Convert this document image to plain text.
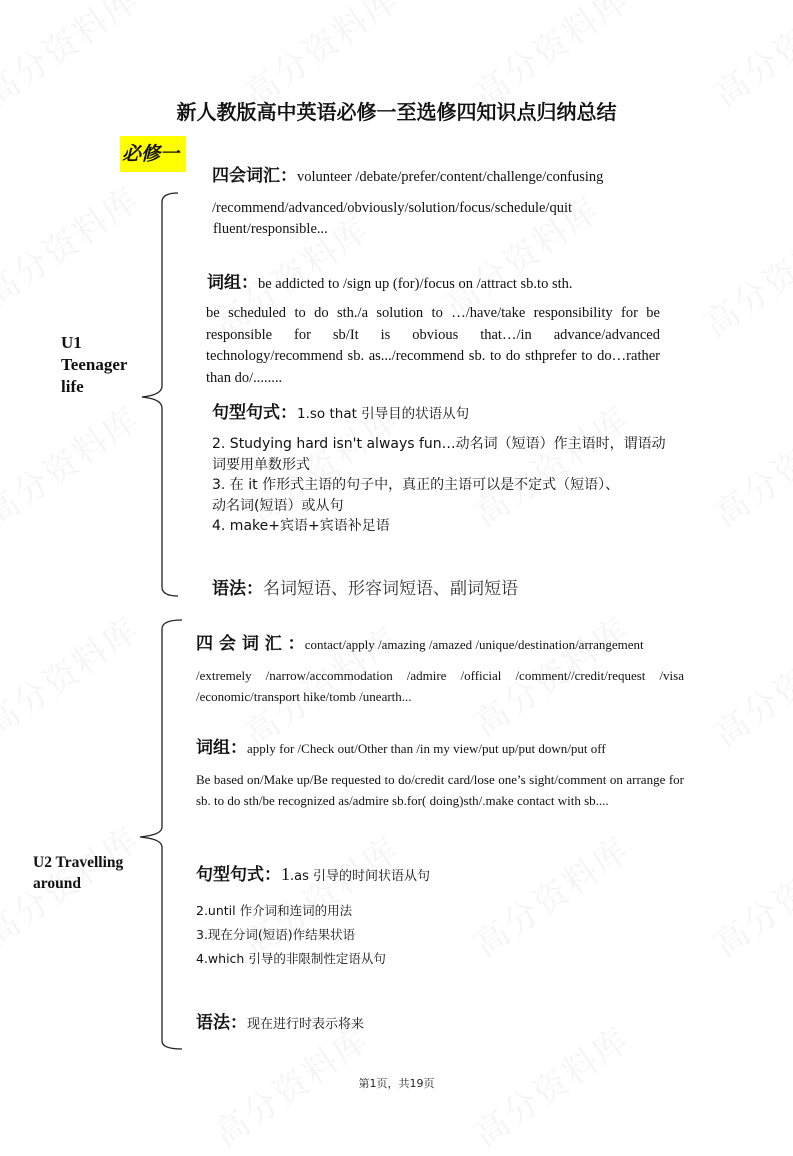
新人教版高中英语必修一至选修四知识点归纳总结
必修一
U1
Teenager
life
四会词汇：volunteer /debate/prefer/content/challenge/confusing
/recommend/advanced/obviously/solution/focus/schedule/quit
fluent/responsible...
词组：be addicted to /sign up (for)/focus on /attract sb.to sth.
be scheduled to do sth./a solution to …/have/take responsibility for be responsible for sb/It is obvious that…/in advance/advanced technology/recommend sb. as.../recommend sb. to do sthprefer to do…rather than do/........
句型句式：1.so that 引导目的状语从句
2. Studying hard isn't always fun…动名词（短语）作主语时，谓语动
词要用单数形式
3. 在 it 作形式主语的句子中，真正的主语可以是不定式（短语）、
动名词(短语）或从句
4. make+宾语+宾语补足语
语法：名词短语、形容词短语、副词短语
U2 Travelling
around
四 会 词 汇 ：contact/apply /amazing /amazed /unique/destination/arrangement
/extremely /narrow/accommodation /admire /official /comment//credit/request /visa /economic/transport hike/tomb /unearth...
词组：apply for /Check out/Other than /in my view/put up/put down/put off
Be based on/Make up/Be requested to do/credit card/lose one’s sight/comment on arrange for sb. to do sth/be recognized as/admire sb.for( doing)sth/.make contact with sb....
句型句式：1.as 引导的时间状语从句
2.until 作介词和连词的用法
3.现在分词(短语)作结果状语
4.which 引导的非限制性定语从句
语法：现在进行时表示将来
第1页，共19页
